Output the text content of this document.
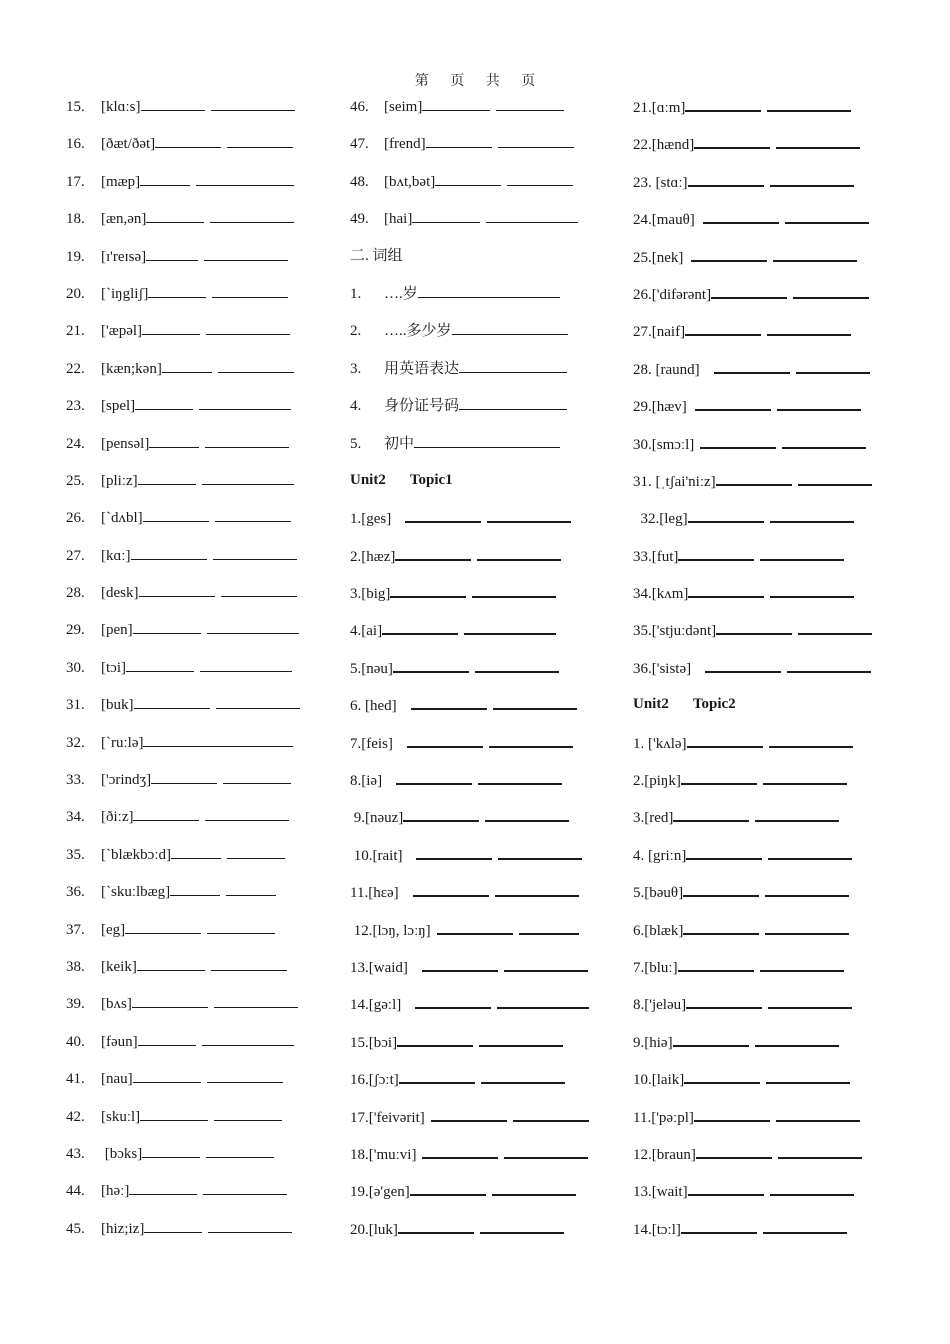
第 页 共 页
15. [klɑːs]
16. [ðæt/ðət]
17. [mæp]
18. [æn,ən]
19. [ɪ'reɪsə]
20. [`iŋgliʃ]
21. ['æpəl]
22. [kæn;kən]
23. [spel]
24. [pensəl]
25. [pliːz]
26. [`dʌbl]
27. [kɑː]
28. [desk]
29. [pen]
30. [tɔi]
31. [buk]
32. [`ruːlə]
33. ['ɔrindʒ]
34. [ðiːz]
35. [`blækbɔːd]
36. [`skuːlbæg]
37. [eg]
38. [keik]
39. [bʌs]
40. [fəun]
41. [nau]
42. [skuːl]
43. [bɔks]
44. [həː]
45. [hiz;iz]
46. [seim]
47. [frend]
48. [bʌt,bət]
49. [hai]
二. 词组
1. ….岁
2. …..多少岁
3. 用英语表达
4. 身份证号码
5. 初中
Unit2 Topic1
1.[ges]
2.[hæz]
3.[big]
4.[ai]
5.[nəu]
6. [hed]
7.[feis]
8.[iə]
9.[nəuz]
10.[rait]
11.[hɛə]
12.[lɔŋ, lɔːŋ]
13.[waid]
14.[gəːl]
15.[bɔi]
16.[ʃɔːt]
17.['feivərit]
18.['muːvi]
19.[ə'gen]
20.[luk]
21.[ɑːm]
22.[hænd]
23. [stɑː]
24.[mauθ]
25.[nek]
26.['difərənt]
27.[naif]
28. [raund]
29.[hæv]
30.[smɔːl]
31. [ˌtʃai'niːz]
32.[leg]
33.[fut]
34.[kʌm]
35.['stjuːdənt]
36.['sistə]
Unit2 Topic2
1. ['kʌlə]
2.[piŋk]
3.[red]
4. [griːn]
5.[bəuθ]
6.[blæk]
7.[bluː]
8.['jeləu]
9.[hiə]
10.[laik]
11.['pəːpl]
12.[braun]
13.[wait]
14.[tɔːl]
